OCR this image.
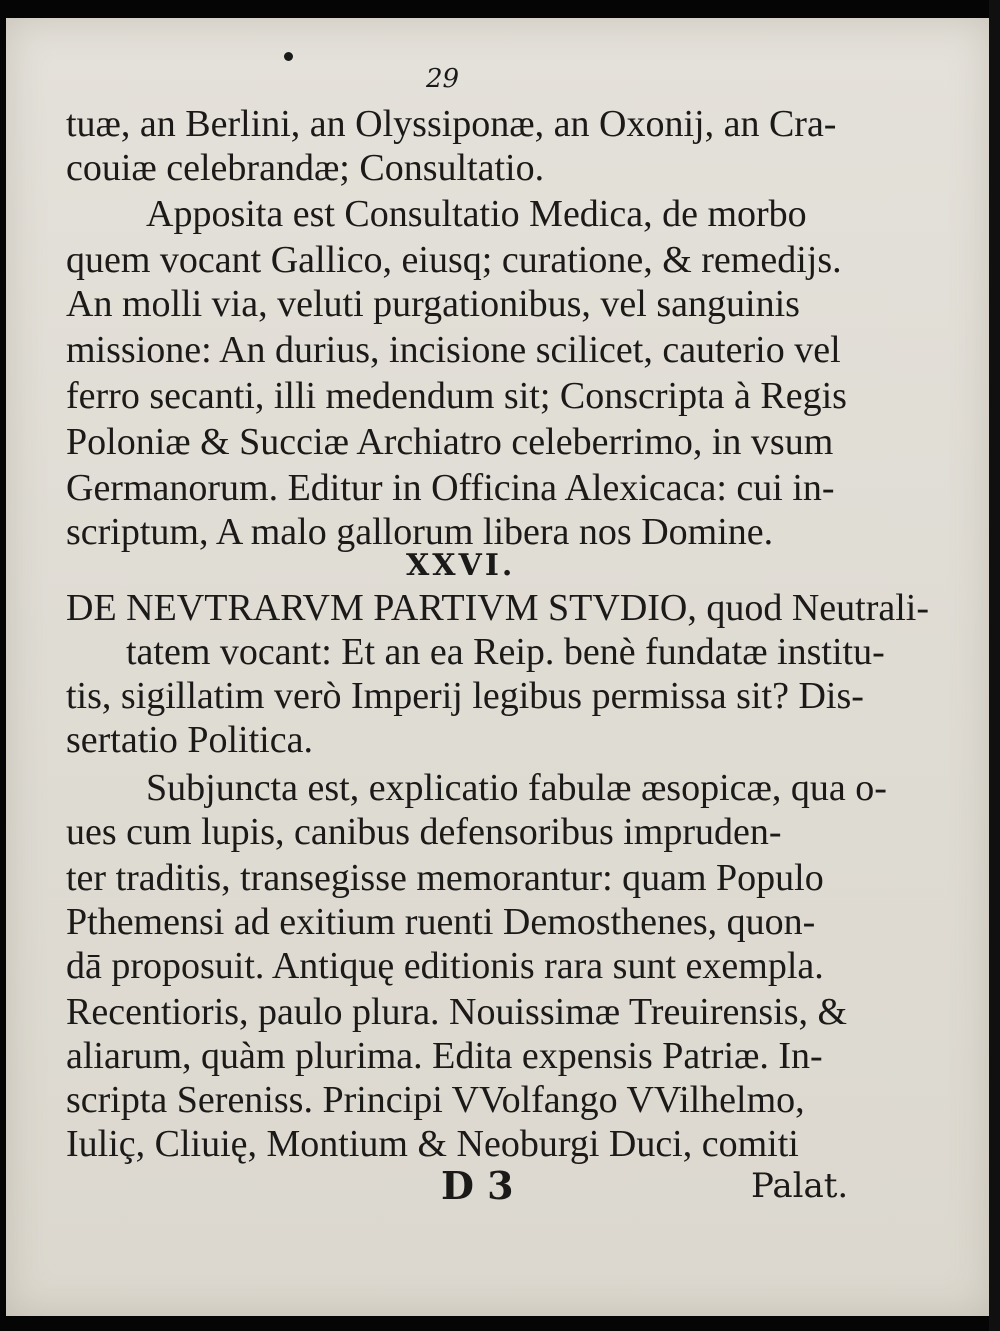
29
tuæ, an Berlini, an Olyssiponæ, an Oxonij, an Cra-
couiæ celebrandæ; Consultatio.
Apposita est Consultatio Medica, de morbo
quem vocant Gallico, eiusq; curatione, & remedijs.
An molli via, veluti purgationibus, vel sanguinis
missione: An durius, incisione scilicet, cauterio vel
ferro secanti, illi medendum sit; Conscripta à Regis
Poloniæ & Succiæ Archiatro celeberrimo, in vsum
Germanorum. Editur in Officina Alexicaca: cui in-
scriptum, A malo gallorum libera nos Domine.
XXVI.
DE NEVTRARVM PARTIVM STVDIO, quod Neutrali-
tatem vocant: Et an ea Reip. benè fundatæ institu-
tis, sigillatim verò Imperij legibus permissa sit? Dis-
sertatio Politica.
Subjuncta est, explicatio fabulæ æsopicæ, qua o-
ues cum lupis, canibus defensoribus impruden-
ter traditis, transegisse memorantur: quam Populo
Pthemensi ad exitium ruenti Demosthenes, quon-
dā proposuit. Antiquę editionis rara sunt exempla.
Recentioris, paulo plura. Nouissimæ Treuirensis, &
aliarum, quàm plurima. Edita expensis Patriæ. In-
scripta Sereniss. Principi VVolfango VVilhelmo,
Iuliç, Cliuię, Montium & Neoburgi Duci, comiti
D 3	Palat.
